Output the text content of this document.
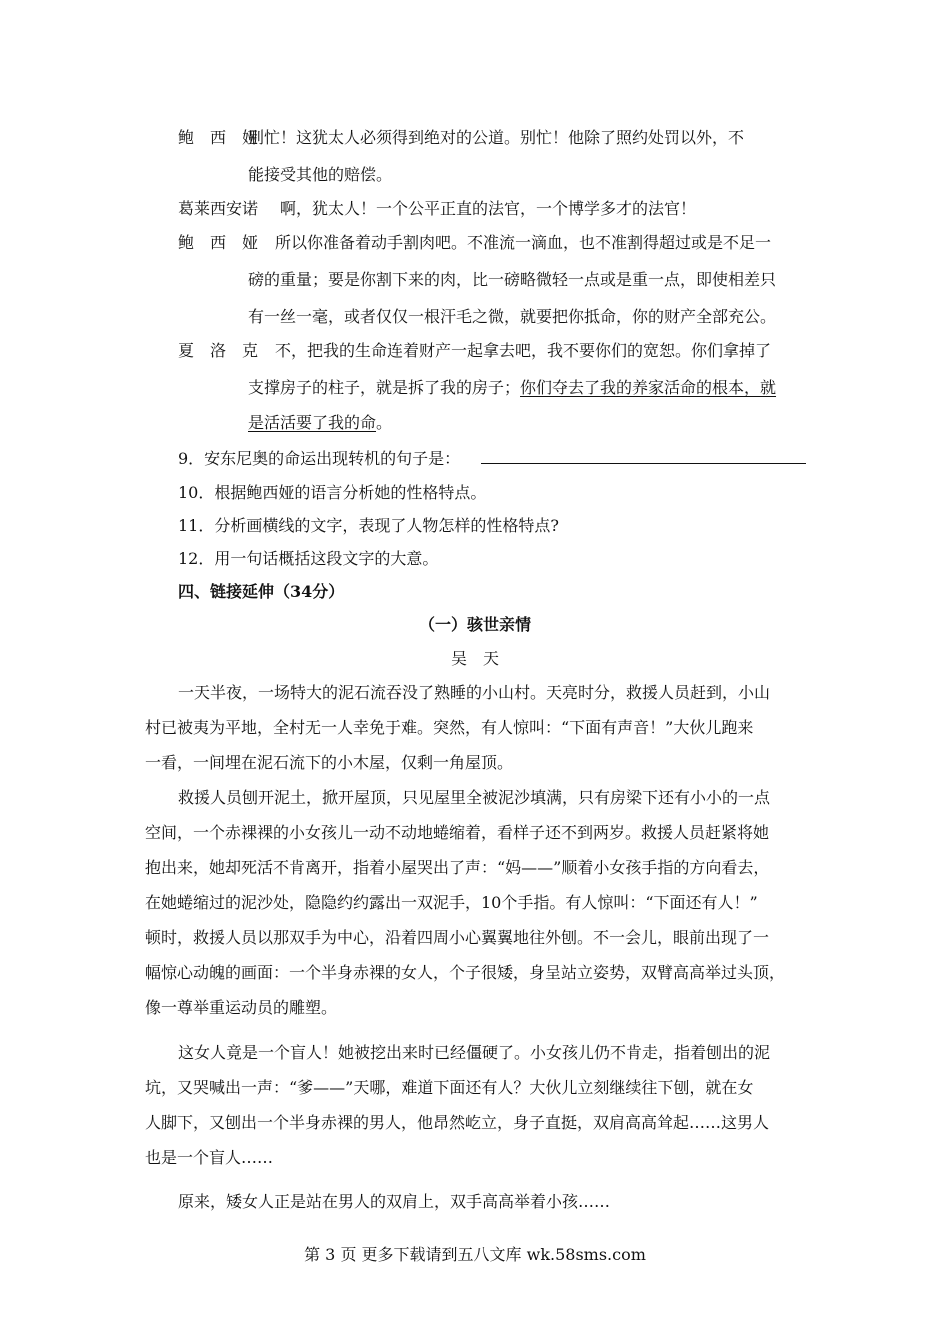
鲍　西　娅
别忙！这犹太人必须得到绝对的公道。别忙！他除了照约处罚以外，不
能接受其他的赔偿。
葛莱西安诺 啊，犹太人！一个公平正直的法官，一个博学多才的法官！
鲍　西　娅 所以你准备着动手割肉吧。不准流一滴血，也不准割得超过或是不足一
磅的重量；要是你割下来的肉，比一磅略微轻一点或是重一点，即使相差只
有一丝一毫，或者仅仅一根汗毛之微，就要把你抵命，你的财产全部充公。
夏　洛　克 不，把我的生命连着财产一起拿去吧，我不要你们的宽恕。你们拿掉了
支撑房子的柱子，就是拆了我的房子；你们夺去了我的养家活命的根本，就
是活活要了我的命。
9．安东尼奥的命运出现转机的句子是：
10．根据鲍西娅的语言分析她的性格特点。
11．分析画横线的文字，表现了人物怎样的性格特点?
12．用一句话概括这段文字的大意。
四、链接延伸（34分）
（一）骇世亲情
吴　天
一天半夜，一场特大的泥石流吞没了熟睡的小山村。天亮时分，救援人员赶到，小山
村已被夷为平地，全村无一人幸免于难。突然，有人惊叫：“下面有声音！”大伙儿跑来
一看，一间埋在泥石流下的小木屋，仅剩一角屋顶。
救援人员刨开泥土，掀开屋顶，只见屋里全被泥沙填满，只有房梁下还有小小的一点
空间，一个赤裸裸的小女孩儿一动不动地蜷缩着，看样子还不到两岁。救援人员赶紧将她
抱出来，她却死活不肯离开，指着小屋哭出了声：“妈——”顺着小女孩手指的方向看去，
在她蜷缩过的泥沙处，隐隐约约露出一双泥手，10个手指。有人惊叫：“下面还有人！”
顿时，救援人员以那双手为中心，沿着四周小心翼翼地往外刨。不一会儿，眼前出现了一
幅惊心动魄的画面：一个半身赤裸的女人，个子很矮，身呈站立姿势，双臂高高举过头顶，
像一尊举重运动员的雕塑。
这女人竟是一个盲人！她被挖出来时已经僵硬了。小女孩儿仍不肯走，指着刨出的泥
坑，又哭喊出一声：“爹——”天哪，难道下面还有人？大伙儿立刻继续往下刨，就在女
人脚下，又刨出一个半身赤裸的男人，他昂然屹立，身子直挺，双肩高高耸起……这男人
也是一个盲人……
原来，矮女人正是站在男人的双肩上，双手高高举着小孩……
第 3 页 更多下载请到五八文库 wk.58sms.com
